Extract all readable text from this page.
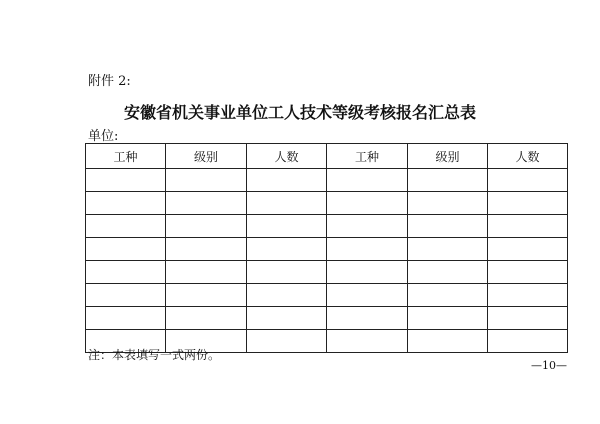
附件 2:
安徽省机关事业单位工人技术等级考核报名汇总表
单位:
工种	级别	人数	工种	级别	人数

注：本表填写一式两份。
—10—
